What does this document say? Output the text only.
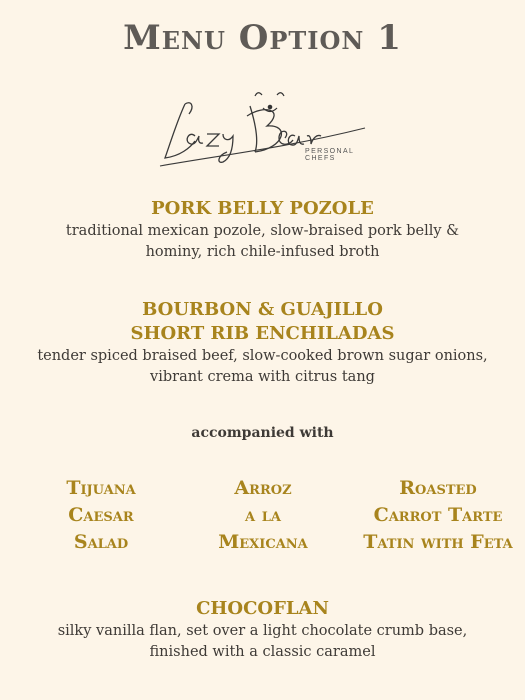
Menu Option 1
PERSONAL CHEFS
PORK BELLY POZOLE
traditional mexican pozole, slow-braised pork belly &
hominy, rich chile-infused broth
BOURBON & GUAJILLO
SHORT RIB ENCHILADAS
tender spiced braised beef, slow-cooked brown sugar onions,
vibrant crema with citrus tang
accompanied with
Tijuana
Caesar
Salad
Arroz
a la
Mexicana
Roasted
Carrot Tarte
Tatin with Feta
CHOCOFLAN
silky vanilla flan, set over a light chocolate crumb base,
finished with a classic caramel
